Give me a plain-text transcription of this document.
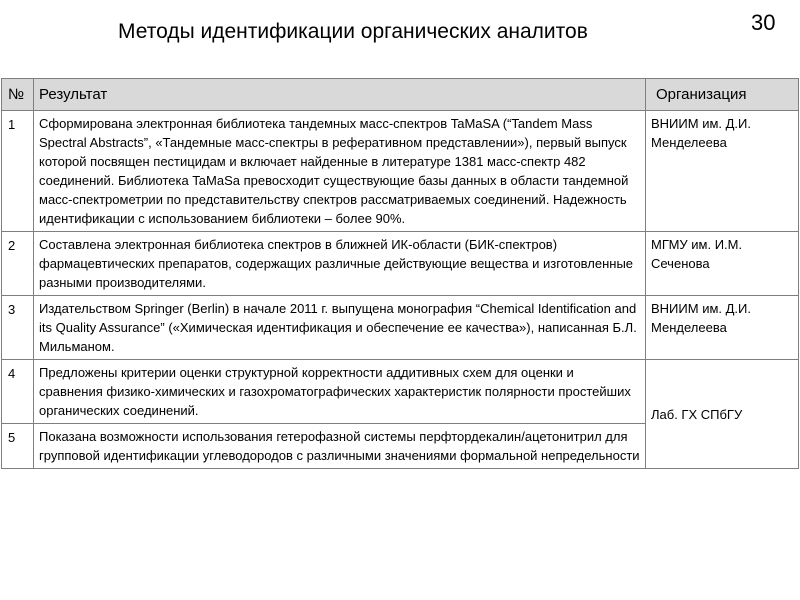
Методы идентификации органических аналитов	30
№	Результат	Организация
1	Сформирована электронная библиотека тандемных масс-спектров TaMaSA (“Tandem Mass Spectral Abstracts”, «Тандемные масс-спектры в реферативном представлении»), первый выпуск которой посвящен пестицидам и включает найденные в литературе 1381 масс-спектр 482 соединений. Библиотека TaMaSa превосходит существующие базы данных в области тандемной масс-спектрометрии по представительству спектров рассматриваемых соединений. Надежность идентификации с использованием библиотеки – более 90%.	ВНИИМ им. Д.И. Менделеева
2	Составлена электронная библиотека спектров в ближней ИК-области (БИК-спектров) фармацевтических препаратов, содержащих различные действующие вещества и изготовленные разными производителями.	МГМУ им. И.М. Сеченова
3	Издательством Springer (Berlin) в начале 2011 г. выпущена монография “Chemical Identification and its Quality Assurance” («Химическая идентификация и обеспечение ее качества»), написанная Б.Л. Мильманом.	ВНИИМ им. Д.И. Менделеева
4	Предложены критерии оценки структурной корректности аддитивных схем для оценки и сравнения физико-химических и газохроматографических характеристик полярности простейших органических соединений.	Лаб. ГХ СПбГУ
5	Показана возможности использования гетерофазной системы перфтордекалин/ацетонитрил для групповой идентификации углеводородов с различными значениями формальной непредельности	
